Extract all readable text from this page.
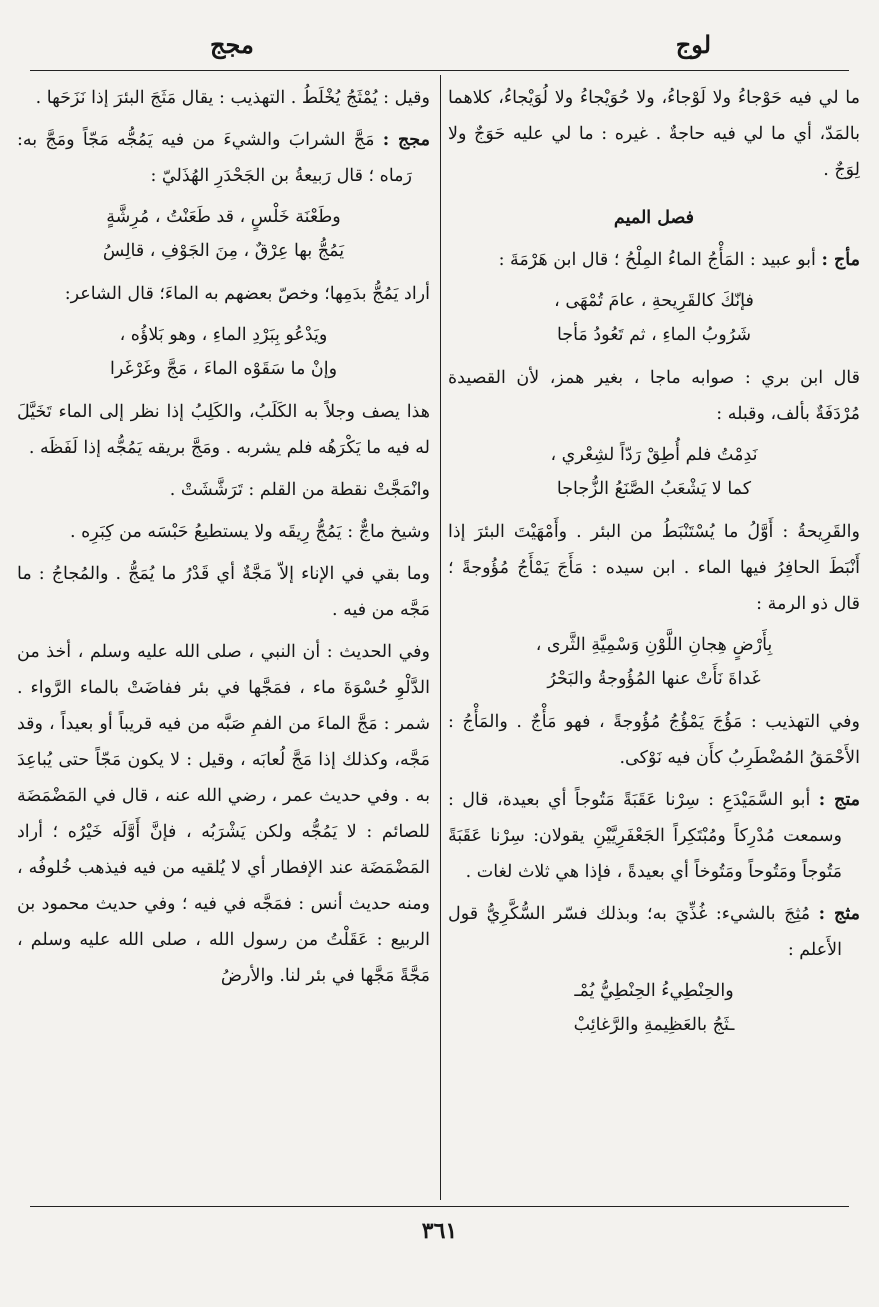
لوج
مجج

ما لي فيه حَوْجاءُ ولا لَوْجاءُ، ولا حُوَيْجاءُ ولا لُوَيْجاءُ، كلاهما بالمَدّ، أي ما لي فيه حاجةٌ . غيره : ما لي عليه حَوَجٌ ولا لِوَجٌ .

فصل الميم

مأج : أبو عبيد : المَأْجُ الماءُ المِلْحُ ؛ قال ابن هَرْمَةَ :

فإنّكَ كالقَرِيحةِ ، عامَ تُمْهَى ،
شَرُوبُ الماءِ ، ثم تَعُودُ مَأجا

قال ابن بري : صوابه ماجا ، بغير همز، لأن القصيدة مُرْدَفَةٌ بألف، وقبله :

نَدِمْتُ فلم أُطِقْ رَدّاً لشِعْري ،
كما لا يَشْعَبُ الصَّنَعُ الزُّجاجا

والقَرِيحةُ : أَوَّلُ ما يُسْتَنْبَطُ من البئر . وأَمْهَيْتَ البئرَ إذا أَنْبَطَ الحافِرُ فيها الماء . ابن سيده : مَأَجَ يَمْأَجُ مُؤُوجةً ؛ قال ذو الرمة :

بِأَرْضٍ هِجانِ اللَّوْنِ وَسْمِيَّةِ الثَّرى ،
غَداةَ نَأَتْ عنها المُؤُوجةُ والبَحْرُ

وفي التهذيب : مَؤُجَ يَمْؤُجُ مُؤُوجةً ، فهو مَأْجٌ . والمَأْجُ : الأَحْمَقُ المُضْطَرِبُ كأَن فيه نَوْكى.

متج : أبو السَّمَيْدَعِ : سِرْنا عَقَبَةً مَتُوجاً أي بعيدة، قال : وسمعت مُدْرِكاً ومُبْتَكِراً الجَعْفَرِيَّيْنِ يقولان: سِرْنا عَقَبَةً مَتُوجاً ومَتُوحاً ومَتُوخاً أي بعيدةً ، فإذا هي ثلاث لغات .

مثج : مُثِجَ بالشيء: غُذِّيَ به؛ وبذلك فسّر السُّكَّرِيُّ قول الأَعلم :

والحِنْطِيءُ الحِنْطِيُّ يُمْـ
ـثَجُ بالعَظِيمةِ والرَّغائِبْ

وقيل : يُمْثَجُ يُخْلَطُ . التهذيب : يقال مَثَجَ البئرَ إذا نَزَحَها .

مجج : مَجَّ الشرابَ والشيءَ من فيه يَمُجُّه مَجّاً ومَجَّ به: رَماه ؛ قال رَبيعةُ بن الجَحْدَرِ الهُذَليّ :

وطَعْنَة خَلْسٍ ، قد طَعَنْتُ ، مُرِشَّةٍ
يَمُجُّ بها عِرْقٌ ، مِنَ الجَوْفِ ، قالِسُ

أراد يَمُجُّ بدَمِها؛ وخصّ بعضهم به الماءَ؛ قال الشاعر:

ويَدْعُو بِبَرْدِ الماءِ ، وهو بَلاؤُه ،
وإنْ ما سَقَوْه الماءَ ، مَجَّ وغَرْغَرا

هذا يصف وجلاً به الكَلَبُ، والكَلِبُ إذا نظر إلى الماء تَخَيَّلَ له فيه ما يَكْرَهُه فلم يشربه . ومَجَّ بريقه يَمُجُّه إذا لَفَظَه .

وانْمَجَّتْ نقطة من القلم : تَرَشَّشَتْ .

وشيخ ماجٌّ : يَمُجُّ رِيقَه ولا يستطيعُ حَبْسَه من كِبَرِه .

وما بقي في الإناء إلاّ مَجَّةٌ أي قَدْرُ ما يُمَجُّ . والمُجاجُ : ما مَجَّه من فيه .

وفي الحديث : أن النبي ، صلى الله عليه وسلم ، أخذ من الدَّلْوِ حُسْوَةَ ماء ، فمَجَّها في بئر ففاضَتْ بالماء الرَّواء . شمر : مَجَّ الماءَ من الفمِ صَبَّه من فيه قريباً أو بعيداً ، وقد مَجَّه، وكذلك إذا مَجَّ لُعابَه ، وقيل : لا يكون مَجّاً حتى يُباعِدَ به . وفي حديث عمر ، رضي الله عنه ، قال في المَضْمَضَة للصائم : لا يَمُجُّه ولكن يَشْرَبُه ، فإنَّ أَوَّلَه خَيْرُه ؛ أراد المَضْمَضَة عند الإفطار أي لا يُلقيه من فيه فيذهب خُلوفُه ، ومنه حديث أنس : فمَجَّه في فيه ؛ وفي حديث محمود بن الربيع : عَقَلْتُ من رسول الله ، صلى الله عليه وسلم ، مَجَّةً مَجَّها في بئر لنا. والأرضُ

٣٦١
